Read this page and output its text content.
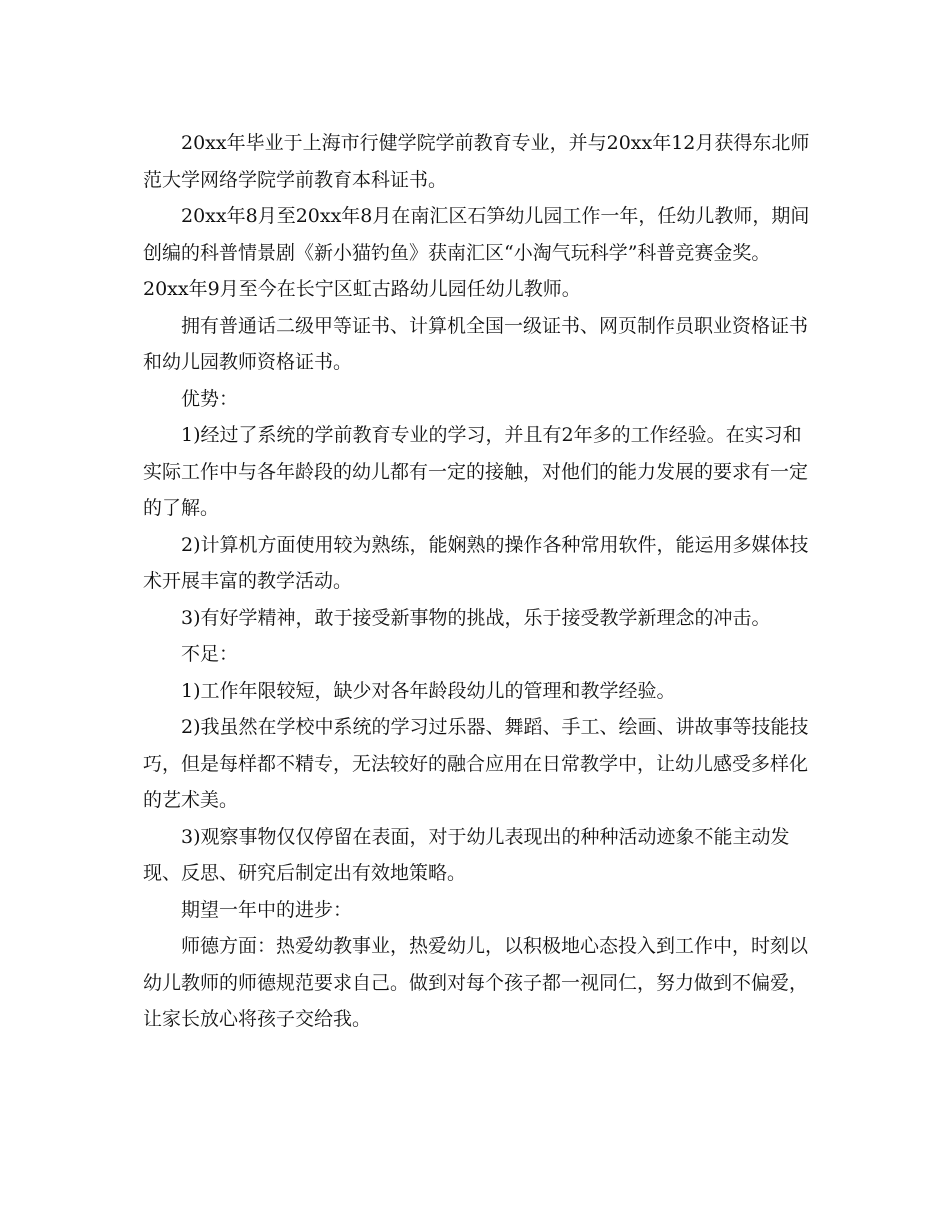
20xx年毕业于上海市行健学院学前教育专业，并与20xx年12月获得东北师范大学网络学院学前教育本科证书。

20xx年8月至20xx年8月在南汇区石笋幼儿园工作一年，任幼儿教师，期间创编的科普情景剧《新小猫钓鱼》获南汇区“小淘气玩科学”科普竞赛金奖。

20xx年9月至今在长宁区虹古路幼儿园任幼儿教师。

拥有普通话二级甲等证书、计算机全国一级证书、网页制作员职业资格证书和幼儿园教师资格证书。

优势：

1)经过了系统的学前教育专业的学习，并且有2年多的工作经验。在实习和实际工作中与各年龄段的幼儿都有一定的接触，对他们的能力发展的要求有一定的了解。

2)计算机方面使用较为熟练，能娴熟的操作各种常用软件，能运用多媒体技术开展丰富的教学活动。

3)有好学精神，敢于接受新事物的挑战，乐于接受教学新理念的冲击。

不足：

1)工作年限较短，缺少对各年龄段幼儿的管理和教学经验。

2)我虽然在学校中系统的学习过乐器、舞蹈、手工、绘画、讲故事等技能技巧，但是每样都不精专，无法较好的融合应用在日常教学中，让幼儿感受多样化的艺术美。

3)观察事物仅仅停留在表面，对于幼儿表现出的种种活动迹象不能主动发现、反思、研究后制定出有效地策略。

期望一年中的进步：

师德方面：热爱幼教事业，热爱幼儿，以积极地心态投入到工作中，时刻以幼儿教师的师德规范要求自己。做到对每个孩子都一视同仁，努力做到不偏爱，让家长放心将孩子交给我。
